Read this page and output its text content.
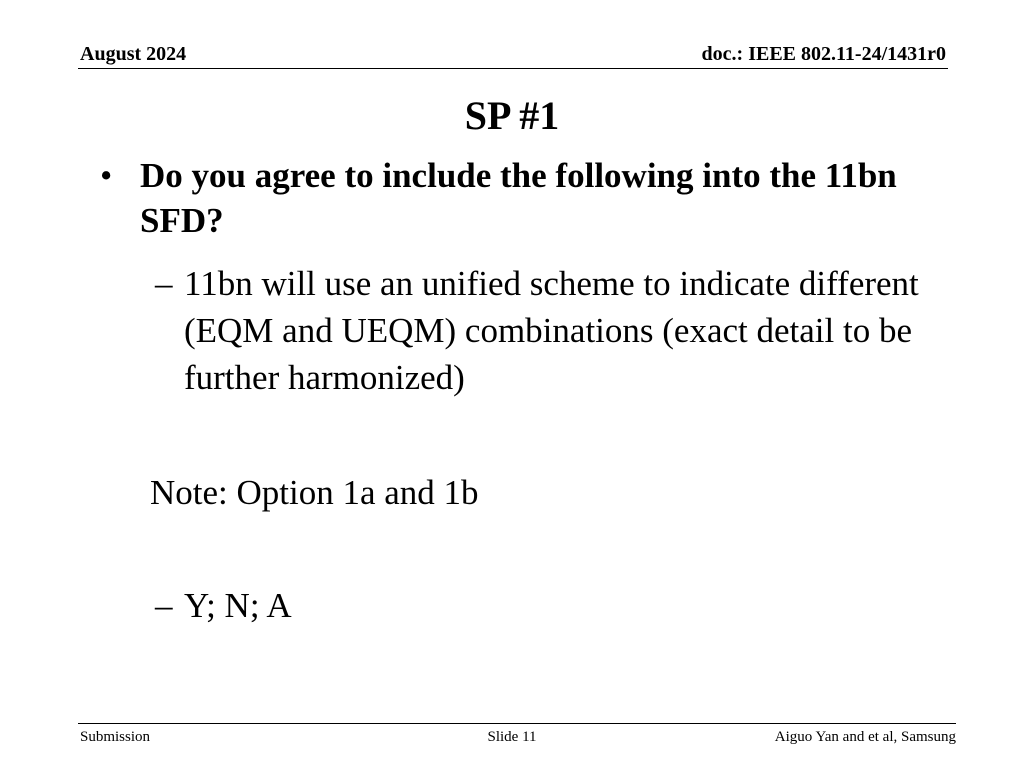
August 2024	doc.: IEEE 802.11-24/1431r0
SP #1
• Do you agree to include the following into the 11bn SFD?
– 11bn will use an unified scheme to indicate different (EQM and UEQM) combinations (exact detail to be further harmonized)
Note: Option 1a and 1b
– Y; N; A
Submission	Slide 11	Aiguo Yan and et al, Samsung
